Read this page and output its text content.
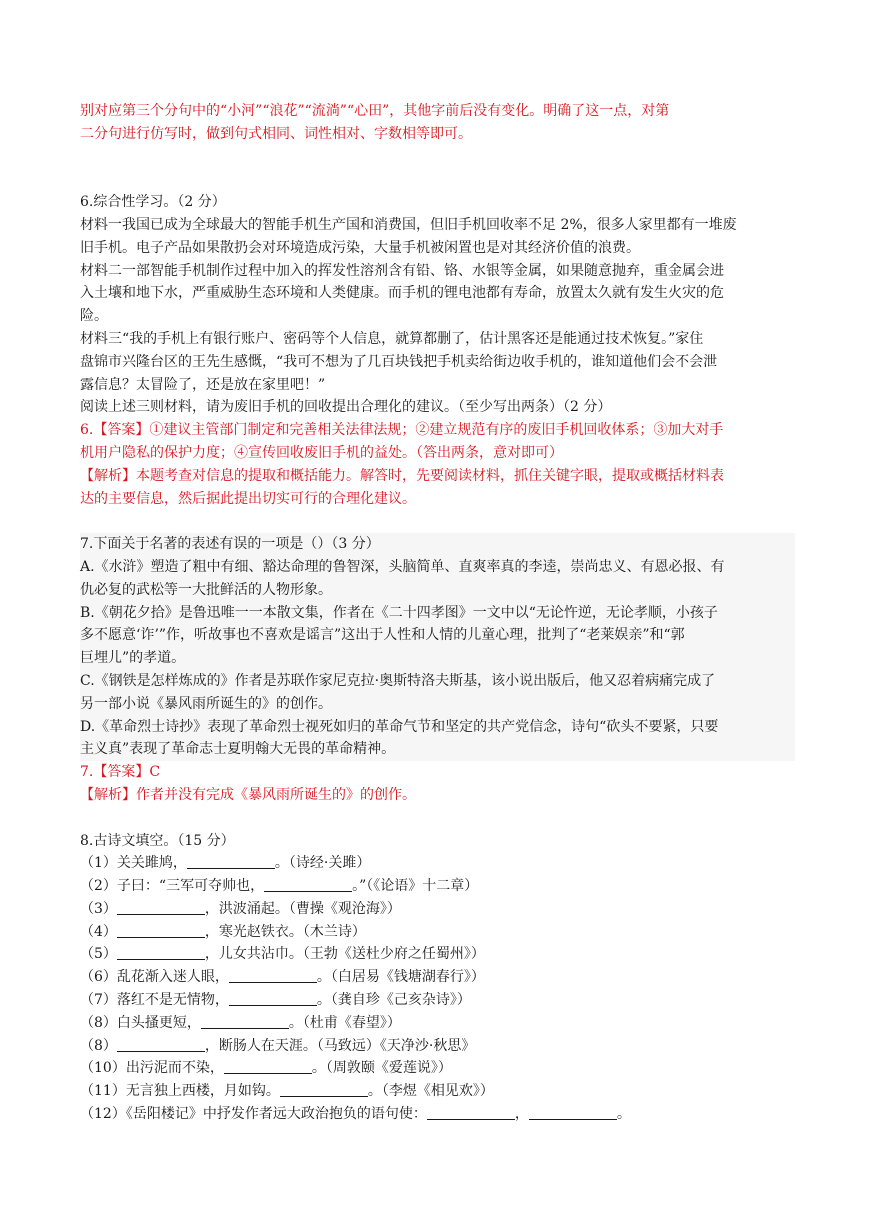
别对应第三个分句中的“小河”“浪花”“流淌”“心田”，其他字前后没有变化。明确了这一点，对第

二分句进行仿写时，做到句式相同、词性相对、字数相等即可。

6.综合性学习。（2 分）

材料一我国已成为全球最大的智能手机生产国和消费国，但旧手机回收率不足 2%，很多人家里都有一堆废

旧手机。电子产品如果散扔会对环境造成污染，大量手机被闲置也是对其经济价值的浪费。

材料二一部智能手机制作过程中加入的挥发性溶剂含有铅、铬、水银等金属，如果随意抛弃，重金属会进

入土壤和地下水，严重威胁生态环境和人类健康。而手机的锂电池都有寿命，放置太久就有发生火灾的危

险。

材料三“我的手机上有银行账户、密码等个人信息，就算都删了，估计黑客还是能通过技术恢复。”家住

盘锦市兴隆台区的王先生感慨，“我可不想为了几百块钱把手机卖给街边收手机的，谁知道他们会不会泄

露信息？太冒险了，还是放在家里吧！”

阅读上述三则材料，请为废旧手机的回收提出合理化的建议。（至少写出两条）（2 分）

6.【答案】①建议主管部门制定和完善相关法律法规；②建立规范有序的废旧手机回收体系；③加大对手

机用户隐私的保护力度；④宣传回收废旧手机的益处。（答出两条，意对即可）

【解析】本题考查对信息的提取和概括能力。解答时，先要阅读材料，抓住关键字眼，提取或概括材料表

达的主要信息，然后据此提出切实可行的合理化建议。

7.下面关于名著的表述有误的一项是（）（3 分）

A.《水浒》塑造了粗中有细、豁达命理的鲁智深，头脑简单、直爽率真的李逵，崇尚忠义、有恩必报、有

仇必复的武松等一大批鲜活的人物形象。

B.《朝花夕拾》是鲁迅唯一一本散文集，作者在《二十四孝图》一文中以“无论忤逆，无论孝顺，小孩子

多不愿意‘诈’”作，听故事也不喜欢是谣言”这出于人性和人情的儿童心理，批判了“老莱娱亲”和“郭

巨埋儿”的孝道。

C.《钢铁是怎样炼成的》作者是苏联作家尼克拉·奥斯特洛夫斯基，该小说出版后，他又忍着病痛完成了

另一部小说《暴风雨所诞生的》的创作。

D.《革命烈士诗抄》表现了革命烈士视死如归的革命气节和坚定的共产党信念，诗句“砍头不要紧，只要

主义真”表现了革命志士夏明翰大无畏的革命精神。

7.【答案】C

【解析】作者并没有完成《暴风雨所诞生的》的创作。

8.古诗文填空。（15 分）

（1）关关雎鸠，	。（诗经·关雎）

（2）子曰：“三军可夺帅也，	。”（《论语》十二章）

（3）	，洪波涌起。（曹操《观沧海》）

（4）	，寒光赵铁衣。（木兰诗）

（5）	，儿女共沾巾。（王勃《送杜少府之任蜀州》）

（6）乱花渐入迷人眼，	。（白居易《钱塘湖春行》）

（7）落红不是无情物，	。（龚自珍《己亥杂诗》）

（8）白头搔更短，	。（杜甫《春望》）

（8）	，断肠人在天涯。（马致远）《天净沙·秋思》

（10）出污泥而不染，	。（周敦颐《爱莲说》）

（11）无言独上西楼，月如钩。	。（李煜《相见欢》）

（12）《岳阳楼记》中抒发作者远大政治抱负的语句使：	，	。
